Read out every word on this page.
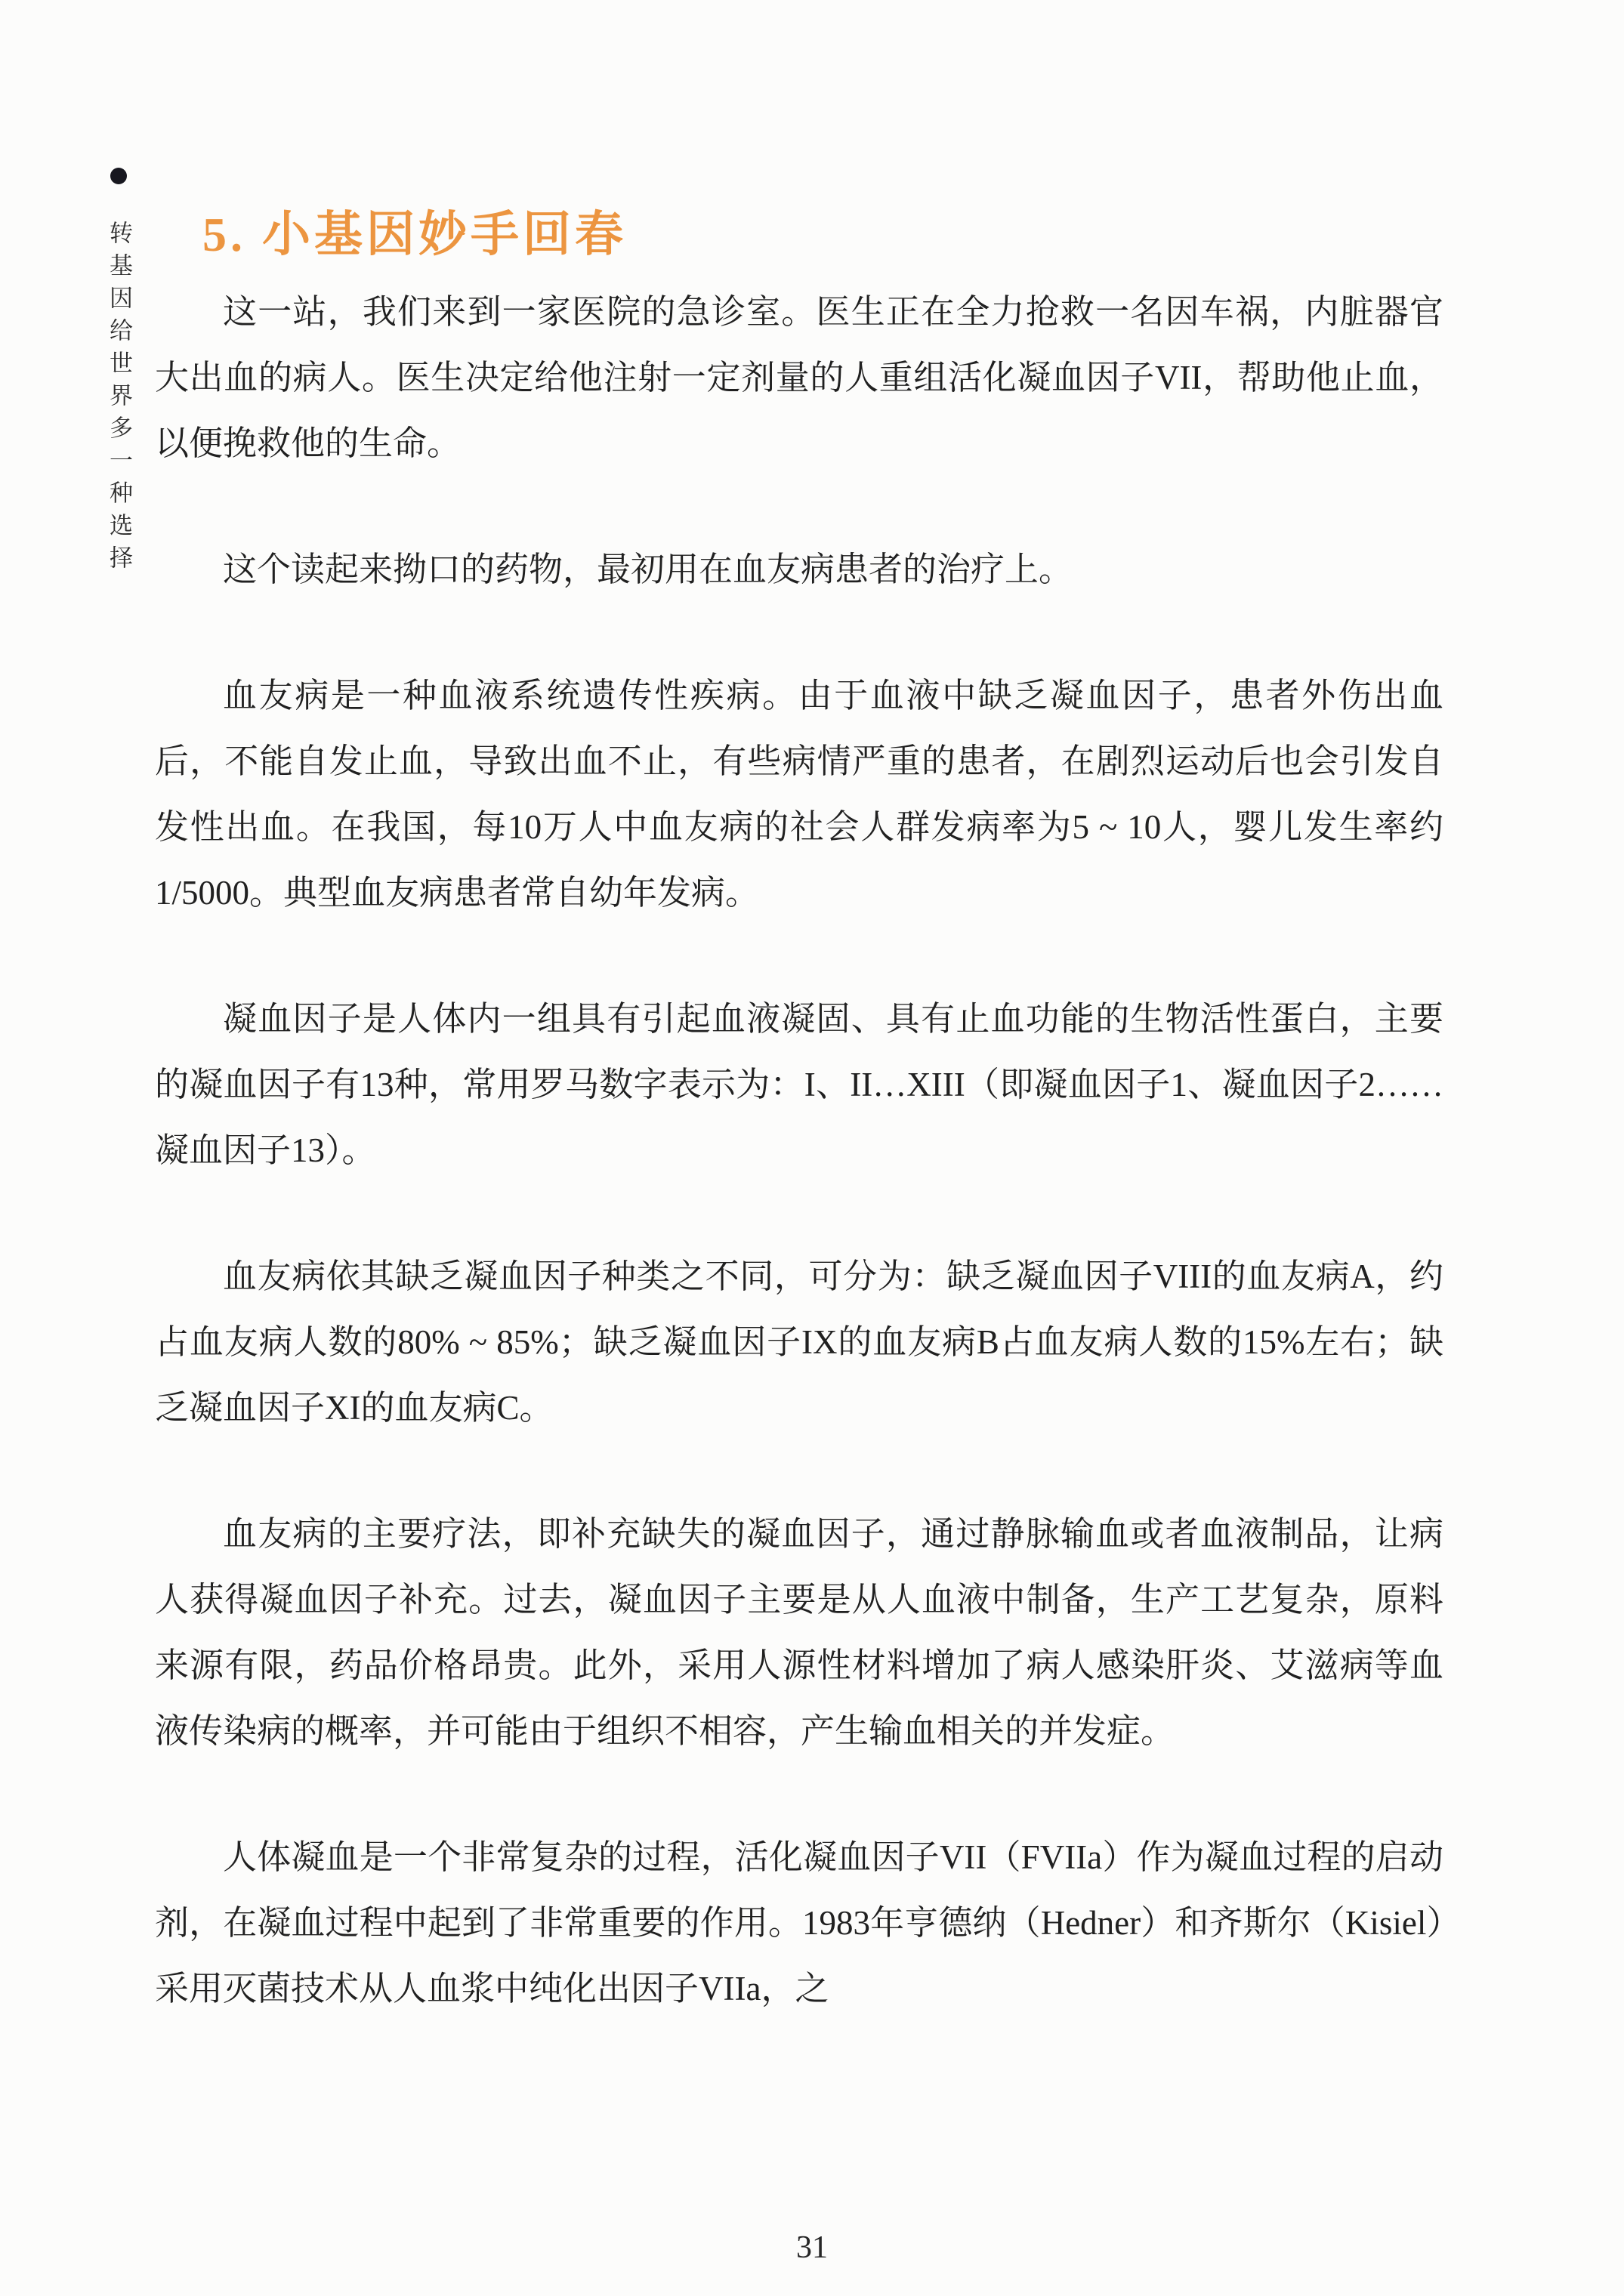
转基因给世界多一种选择 5. 小基因妙手回春

这一站，我们来到一家医院的急诊室。医生正在全力抢救一名因车祸，内脏器官大出血的病人。医生决定给他注射一定剂量的人重组活化凝血因子VII，帮助他止血，以便挽救他的生命。

这个读起来拗口的药物，最初用在血友病患者的治疗上。

血友病是一种血液系统遗传性疾病。由于血液中缺乏凝血因子，患者外伤出血后，不能自发止血，导致出血不止，有些病情严重的患者，在剧烈运动后也会引发自发性出血。在我国，每10万人中血友病的社会人群发病率为5 ~ 10人，婴儿发生率约1/5000。典型血友病患者常自幼年发病。

凝血因子是人体内一组具有引起血液凝固、具有止血功能的生物活性蛋白，主要的凝血因子有13种，常用罗马数字表示为：I、II…XIII（即凝血因子1、凝血因子2……凝血因子13）。

血友病依其缺乏凝血因子种类之不同，可分为：缺乏凝血因子VIII的血友病A，约占血友病人数的80% ~ 85%；缺乏凝血因子IX的血友病B占血友病人数的15%左右；缺乏凝血因子XI的血友病C。

血友病的主要疗法，即补充缺失的凝血因子，通过静脉输血或者血液制品，让病人获得凝血因子补充。过去，凝血因子主要是从人血液中制备，生产工艺复杂，原料来源有限，药品价格昂贵。此外，采用人源性材料增加了病人感染肝炎、艾滋病等血液传染病的概率，并可能由于组织不相容，产生输血相关的并发症。

人体凝血是一个非常复杂的过程，活化凝血因子VII（FVIIa）作为凝血过程的启动剂，在凝血过程中起到了非常重要的作用。1983年亨德纳（Hedner）和齐斯尔（Kisiel）采用灭菌技术从人血浆中纯化出因子VIIa，之

31
